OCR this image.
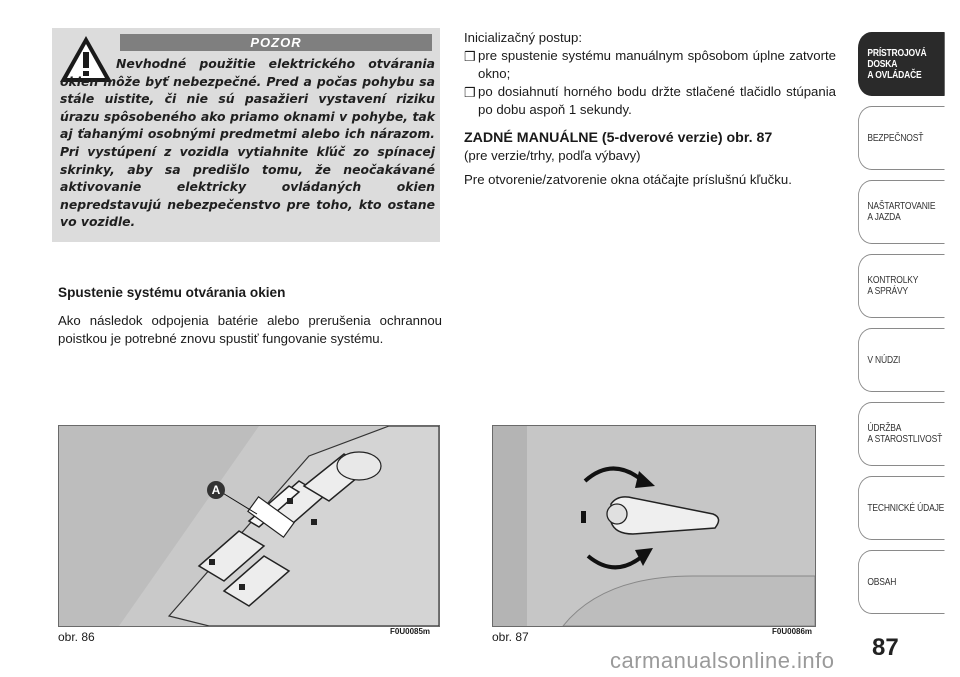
POZOR
Nevhodné použitie elektrického otvárania okien môže byť nebezpečné. Pred a počas pohybu sa stále uistite, či nie sú pasažieri vystavení riziku úrazu spôsobeného ako priamo oknami v pohybe, tak aj ťahanými osobnými predmetmi alebo ich nárazom. Pri vystúpení z vozidla vytiahnite kľúč zo spínacej skrinky, aby sa predišlo tomu, že neočakávané aktivovanie elektricky ovládaných okien nepredstavujú nebezpečenstvo pre toho, kto ostane vo vozidle.

Spustenie systému otvárania okien

Ako následok odpojenia batérie alebo prerušenia ochrannou poistkou je potrebné znovu spustiť fungovanie systému.

Inicializačný postup:

❒ pre spustenie systému manuálnym spôsobom úplne zatvorte okno;

❒ po dosiahnutí horného bodu držte stlačené tlačidlo stúpania po dobu aspoň 1 sekundy.

ZADNÉ MANUÁLNE (5-dverové verzie) obr. 87

(pre verzie/trhy, podľa výbavy)

Pre otvorenie/zatvorenie okna otáčajte príslušnú kľučku.

A
obr. 86	F0U0085m	obr. 87	F0U0086m
PRÍSTROJOVÁ
DOSKA
A OVLÁDAČE
BEZPEČNOSŤ
NAŠTARTOVANIE
A JAZDA
KONTROLKY
A SPRÁVY
V NÚDZI
ÚDRŽBA
A STAROSTLIVOSŤ
TECHNICKÉ ÚDAJE
OBSAH
87
carmanualsonline.info
